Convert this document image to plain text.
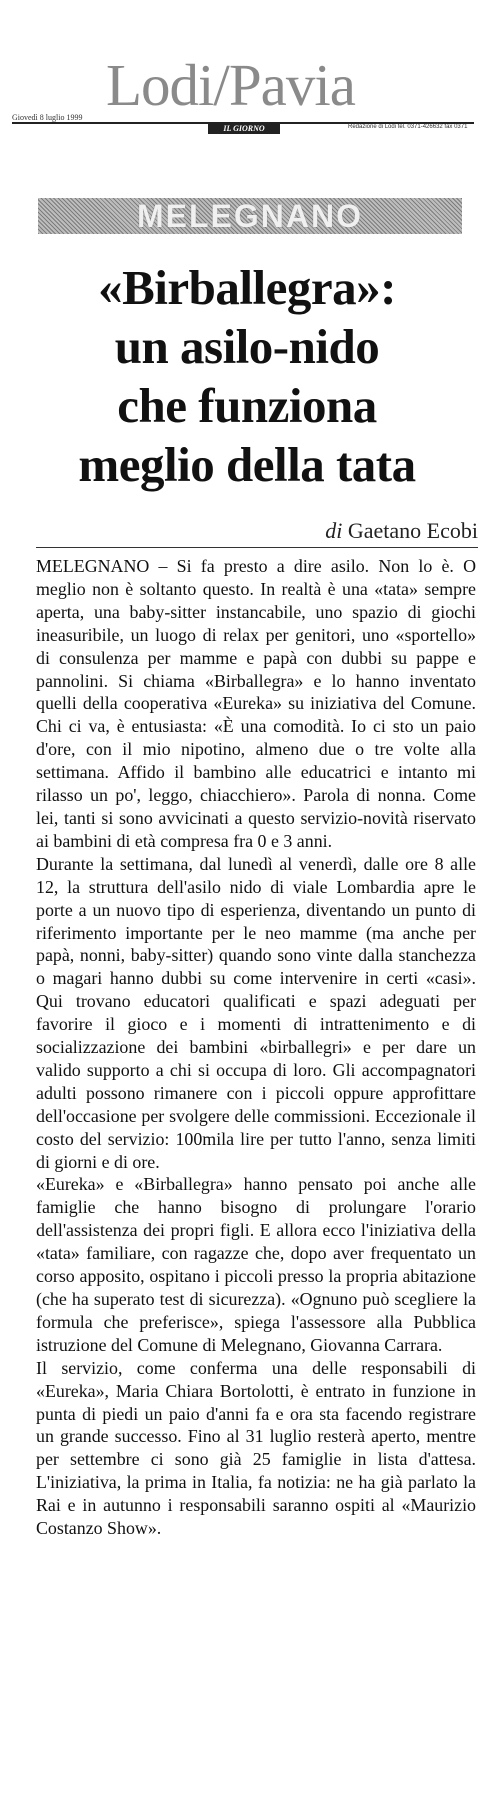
Lodi/Pavia
Giovedì 8 luglio 1999
IL GIORNO	Redazione di Lodi tel. 0371-426632 fax 0371
MELEGNANO
«Birballegra»:
un asilo-nido
che funziona
meglio della tata
di Gaetano Ecobi

MELEGNANO – Si fa presto a dire asilo. Non lo è. O meglio non è soltanto questo. In realtà è una «tata» sempre aperta, una baby-sitter instancabile, uno spazio di giochi ineasuribile, un luogo di relax per genitori, uno «sportello» di consulenza per mamme e papà con dubbi su pappe e pannolini. Si chiama «Birballegra» e lo hanno inventato quelli della cooperativa «Eureka» su iniziativa del Comune. Chi ci va, è entusiasta: «È una comodità. Io ci sto un paio d'ore, con il mio nipotino, almeno due o tre volte alla settimana. Affido il bambino alle educatrici e intanto mi rilasso un po', leggo, chiacchiero». Parola di nonna. Come lei, tanti si sono avvicinati a questo servizio-novità riservato ai bambini di età compresa fra 0 e 3 anni.

Durante la settimana, dal lunedì al venerdì, dalle ore 8 alle 12, la struttura dell'asilo nido di viale Lombardia apre le porte a un nuovo tipo di esperienza, diventando un punto di riferimento importante per le neo mamme (ma anche per papà, nonni, baby-sitter) quando sono vinte dalla stanchezza o magari hanno dubbi su come intervenire in certi «casi». Qui trovano educatori qualificati e spazi adeguati per favorire il gioco e i momenti di intrattenimento e di socializzazione dei bambini «birballegri» e per dare un valido supporto a chi si occupa di loro. Gli accompagnatori adulti possono rimanere con i piccoli oppure approfittare dell'occasione per svolgere delle commissioni. Eccezionale il costo del servizio: 100mila lire per tutto l'anno, senza limiti di giorni e di ore.

«Eureka» e «Birballegra» hanno pensato poi anche alle famiglie che hanno bisogno di prolungare l'orario dell'assistenza dei propri figli. E allora ecco l'iniziativa della «tata» familiare, con ragazze che, dopo aver frequentato un corso apposito, ospitano i piccoli presso la propria abitazione (che ha superato test di sicurezza). «Ognuno può scegliere la formula che preferisce», spiega l'assessore alla Pubblica istruzione del Comune di Melegnano, Giovanna Carrara.

Il servizio, come conferma una delle responsabili di «Eureka», Maria Chiara Bortolotti, è entrato in funzione in punta di piedi un paio d'anni fa e ora sta facendo registrare un grande successo. Fino al 31 luglio resterà aperto, mentre per settembre ci sono già 25 famiglie in lista d'attesa. L'iniziativa, la prima in Italia, fa notizia: ne ha già parlato la Rai e in autunno i responsabili saranno ospiti al «Maurizio Costanzo Show».
